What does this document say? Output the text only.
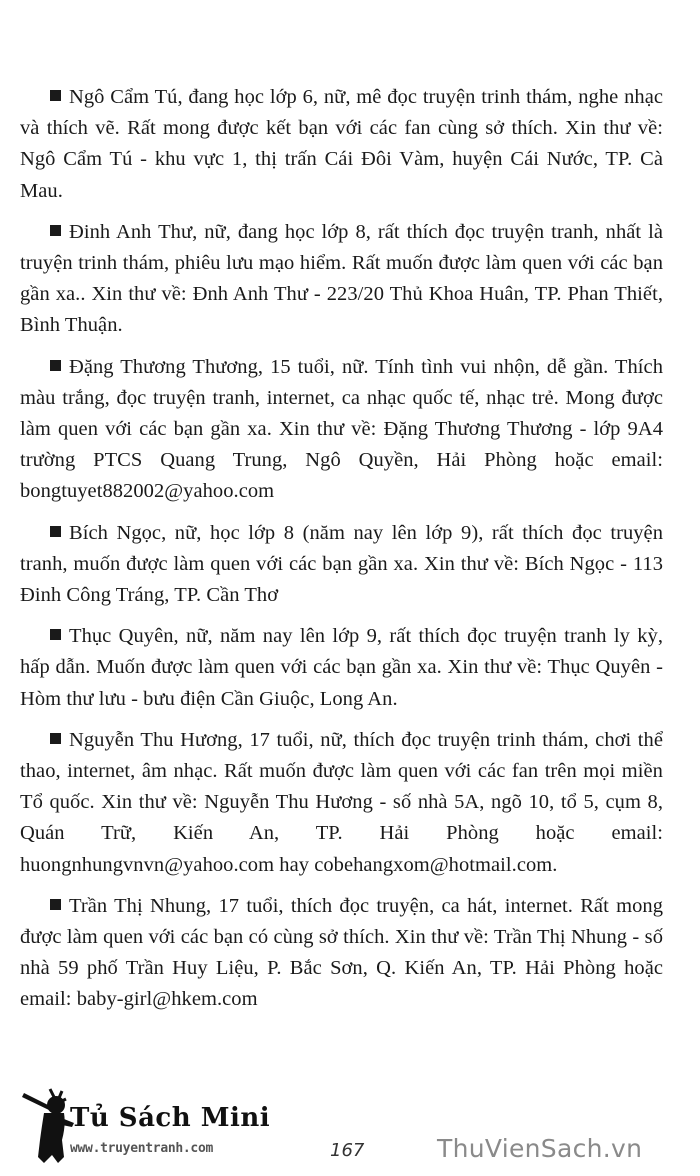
Ngô Cẩm Tú, đang học lớp 6, nữ, mê đọc truyện trinh thám, nghe nhạc và thích vẽ. Rất mong được kết bạn với các fan cùng sở thích. Xin thư về: Ngô Cẩm Tú - khu vực 1, thị trấn Cái Đôi Vàm, huyện Cái Nước, TP. Cà Mau.

Đinh Anh Thư, nữ, đang học lớp 8, rất thích đọc truyện tranh, nhất là truyện trinh thám, phiêu lưu mạo hiểm. Rất muốn được làm quen với các bạn gần xa.. Xin thư về: Đnh Anh Thư - 223/20 Thủ Khoa Huân, TP. Phan Thiết, Bình Thuận.

Đặng Thương Thương, 15 tuổi, nữ. Tính tình vui nhộn, dễ gần. Thích màu trắng, đọc truyện tranh, internet, ca nhạc quốc tế, nhạc trẻ. Mong được làm quen với các bạn gần xa. Xin thư về: Đặng Thương Thương - lớp 9A4 trường PTCS Quang Trung, Ngô Quyền, Hải Phòng hoặc email: bongtuyet882002@yahoo.com

Bích Ngọc, nữ, học lớp 8 (năm nay lên lớp 9), rất thích đọc truyện tranh, muốn được làm quen với các bạn gần xa. Xin thư về: Bích Ngọc - 113 Đinh Công Tráng, TP. Cần Thơ

Thục Quyên, nữ, năm nay lên lớp 9, rất thích đọc truyện tranh ly kỳ, hấp dẫn. Muốn được làm quen với các bạn gần xa. Xin thư về: Thục Quyên - Hòm thư lưu - bưu điện Cần Giuộc, Long An.

Nguyễn Thu Hương, 17 tuổi, nữ, thích đọc truyện trinh thám, chơi thể thao, internet, âm nhạc. Rất muốn được làm quen với các fan trên mọi miền Tổ quốc. Xin thư về: Nguyễn Thu Hương - số nhà 5A, ngõ 10, tổ 5, cụm 8, Quán Trữ, Kiến An, TP. Hải Phòng hoặc email: huongnhungvnvn@yahoo.com hay cobehangxom@hotmail.com.

Trần Thị Nhung, 17 tuổi, thích đọc truyện, ca hát, internet. Rất mong được làm quen với các bạn có cùng sở thích. Xin thư về: Trần Thị Nhung - số nhà 59 phố Trần Huy Liệu, P. Bắc Sơn, Q. Kiến An, TP. Hải Phòng hoặc email: baby-girl@hkem.com

Tủ Sách Mini
www.truyentranh.com	167	ThuVienSach.vn
